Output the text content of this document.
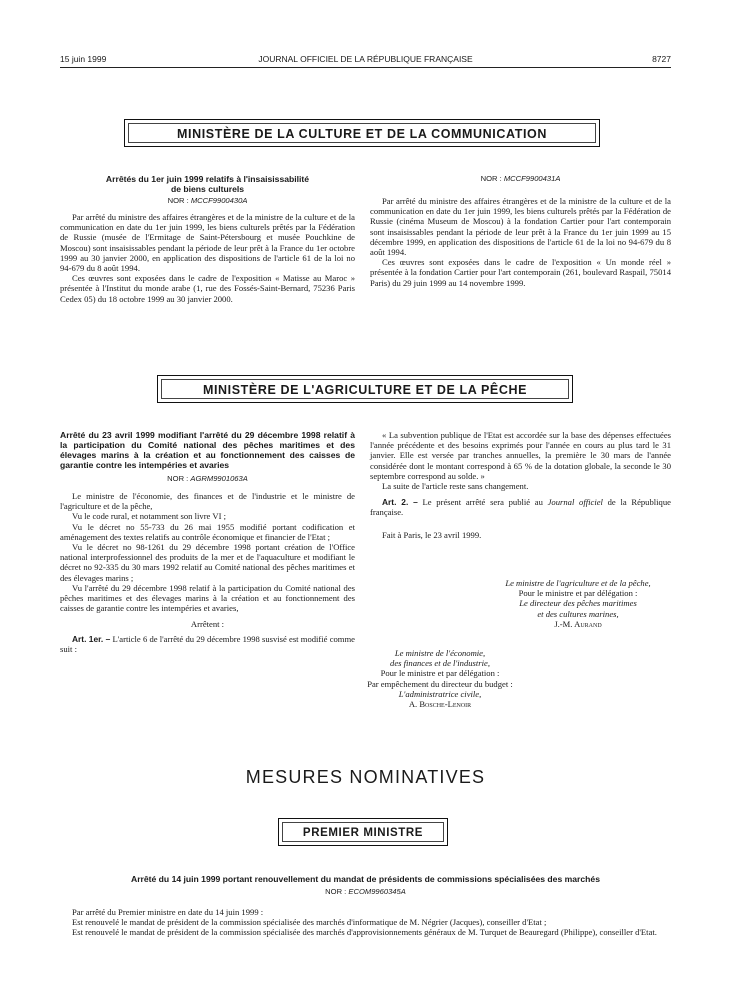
15 juin 1999	JOURNAL OFFICIEL DE LA RÉPUBLIQUE FRANÇAISE	8727
MINISTÈRE DE LA CULTURE ET DE LA COMMUNICATION
Arrêtés du 1er juin 1999 relatifs à l'insaisissabilité
de biens culturels
NOR : MCCF9900430A

Par arrêté du ministre des affaires étrangères et de la ministre de la culture et de la communication en date du 1er juin 1999, les biens culturels prêtés par la Fédération de Russie (musée de l'Ermitage de Saint-Pétersbourg et musée Pouchkine de Moscou) sont insaisissables pendant la période de leur prêt à la France du 1er octobre 1999 au 30 janvier 2000, en application des dispositions de l'article 61 de la loi no 94-679 du 8 août 1994.

Ces œuvres sont exposées dans le cadre de l'exposition « Matisse au Maroc » présentée à l'Institut du monde arabe (1, rue des Fossés-Saint-Bernard, 75236 Paris Cedex 05) du 18 octobre 1999 au 30 janvier 2000.

NOR : MCCF9900431A

Par arrêté du ministre des affaires étrangères et de la ministre de la culture et de la communication en date du 1er juin 1999, les biens culturels prêtés par la Fédération de Russie (cinéma Museum de Moscou) à la fondation Cartier pour l'art contemporain sont insaisissables pendant la période de leur prêt à la France du 1er juin 1999 au 15 décembre 1999, en application des dispositions de l'article 61 de la loi no 94-679 du 8 août 1994.

Ces œuvres sont exposées dans le cadre de l'exposition « Un monde réel » présentée à la fondation Cartier pour l'art contemporain (261, boulevard Raspail, 75014 Paris) du 29 juin 1999 au 14 novembre 1999.

MINISTÈRE DE L'AGRICULTURE ET DE LA PÊCHE
Arrêté du 23 avril 1999 modifiant l'arrêté du 29 décembre 1998 relatif à la participation du Comité national des pêches maritimes et des élevages marins à la création et au fonctionnement des caisses de garantie contre les intempéries et avaries
NOR : AGRM9901063A

Le ministre de l'économie, des finances et de l'industrie et le ministre de l'agriculture et de la pêche,

Vu le code rural, et notamment son livre VI ;

Vu le décret no 55-733 du 26 mai 1955 modifié portant codification et aménagement des textes relatifs au contrôle économique et financier de l'Etat ;

Vu le décret no 98-1261 du 29 décembre 1998 portant création de l'Office national interprofessionnel des produits de la mer et de l'aquaculture et modifiant le décret no 92-335 du 30 mars 1992 relatif au Comité national des pêches maritimes et des élevages marins ;

Vu l'arrêté du 29 décembre 1998 relatif à la participation du Comité national des pêches maritimes et des élevages marins à la création et au fonctionnement des caisses de garantie contre les intempéries et avaries,

Arrêtent :

Art. 1er. – L'article 6 de l'arrêté du 29 décembre 1998 susvisé est modifié comme suit :

« La subvention publique de l'Etat est accordée sur la base des dépenses effectuées l'année précédente et des besoins exprimés pour l'année en cours au plus tard le 31 janvier. Elle est versée par tranches annuelles, la première le 30 mars de l'année considérée dont le montant correspond à 65 % de la dotation globale, la seconde le 30 septembre correspond au solde. »

La suite de l'article reste sans changement.

Art. 2. – Le présent arrêté sera publié au Journal officiel de la République française.

Fait à Paris, le 23 avril 1999.

Le ministre de l'agriculture et de la pêche,
Pour le ministre et par délégation :
Le directeur des pêches maritimes
et des cultures marines,
J.-M. Aurand
Le ministre de l'économie,
des finances et de l'industrie,
Pour le ministre et par délégation :
Par empêchement du directeur du budget :
L'administratrice civile,
A. Bosche-Lenoir
MESURES NOMINATIVES
PREMIER MINISTRE
Arrêté du 14 juin 1999 portant renouvellement du mandat de présidents de commissions spécialisées des marchés
NOR : ECOM9960345A

Par arrêté du Premier ministre en date du 14 juin 1999 :

Est renouvelé le mandat de président de la commission spécialisée des marchés d'informatique de M. Négrier (Jacques), conseiller d'Etat ;

Est renouvelé le mandat de président de la commission spécialisée des marchés d'approvisionnements généraux de M. Turquet de Beauregard (Philippe), conseiller d'Etat.
